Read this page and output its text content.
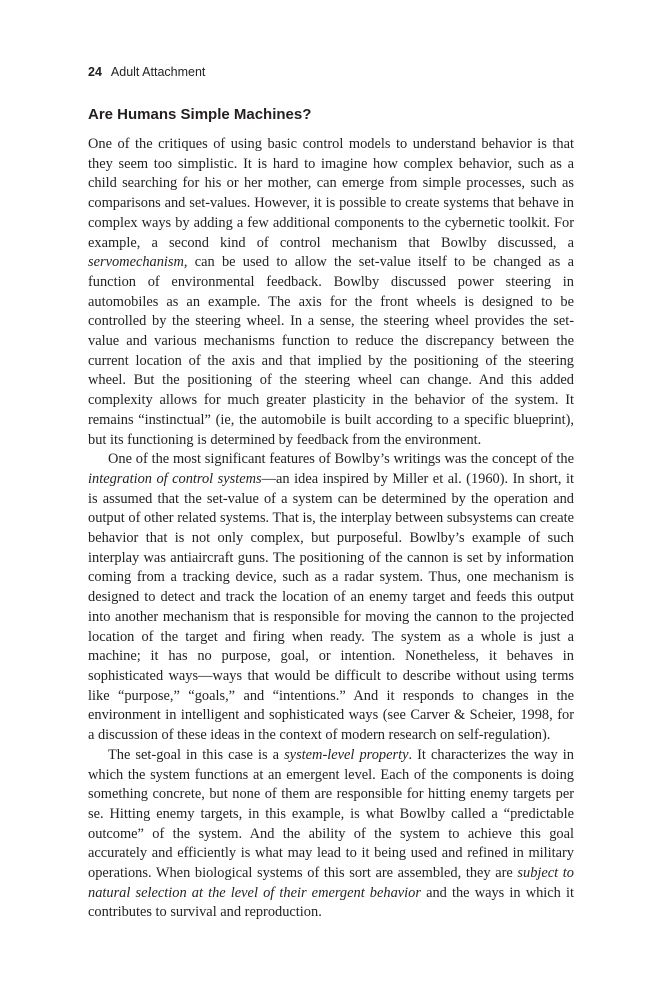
24 Adult Attachment
Are Humans Simple Machines?

One of the critiques of using basic control models to understand behavior is that they seem too simplistic. It is hard to imagine how complex behavior, such as a child searching for his or her mother, can emerge from simple processes, such as comparisons and set-values. However, it is possible to create systems that behave in complex ways by adding a few additional components to the cybernetic toolkit. For example, a second kind of control mechanism that Bowlby discussed, a servomechanism, can be used to allow the set-value itself to be changed as a function of environmental feedback. Bowlby discussed power steering in automobiles as an example. The axis for the front wheels is designed to be controlled by the steering wheel. In a sense, the steering wheel provides the set-value and various mechanisms function to reduce the discrepancy between the current location of the axis and that implied by the positioning of the steering wheel. But the positioning of the steering wheel can change. And this added complexity allows for much greater plasticity in the behavior of the system. It remains “instinctual” (ie, the automobile is built according to a specific blueprint), but its functioning is determined by feedback from the environment.

One of the most significant features of Bowlby’s writings was the concept of the integration of control systems—an idea inspired by Miller et al. (1960). In short, it is assumed that the set-value of a system can be determined by the operation and output of other related systems. That is, the interplay between subsystems can create behavior that is not only complex, but purposeful. Bowlby’s example of such interplay was antiaircraft guns. The positioning of the cannon is set by information coming from a tracking device, such as a radar system. Thus, one mechanism is designed to detect and track the location of an enemy target and feeds this output into another mechanism that is responsible for moving the cannon to the projected location of the target and firing when ready. The system as a whole is just a machine; it has no purpose, goal, or intention. Nonetheless, it behaves in sophisticated ways—ways that would be difficult to describe without using terms like “purpose,” “goals,” and “intentions.” And it responds to changes in the environment in intelligent and sophisticated ways (see Carver & Scheier, 1998, for a discussion of these ideas in the context of modern research on self-regulation).

The set-goal in this case is a system-level property. It characterizes the way in which the system functions at an emergent level. Each of the components is doing something concrete, but none of them are responsible for hitting enemy targets per se. Hitting enemy targets, in this example, is what Bowlby called a “predictable outcome” of the system. And the ability of the system to achieve this goal accurately and efficiently is what may lead to it being used and refined in military operations. When biological systems of this sort are assembled, they are subject to natural selection at the level of their emergent behavior and the ways in which it contributes to survival and reproduction.
